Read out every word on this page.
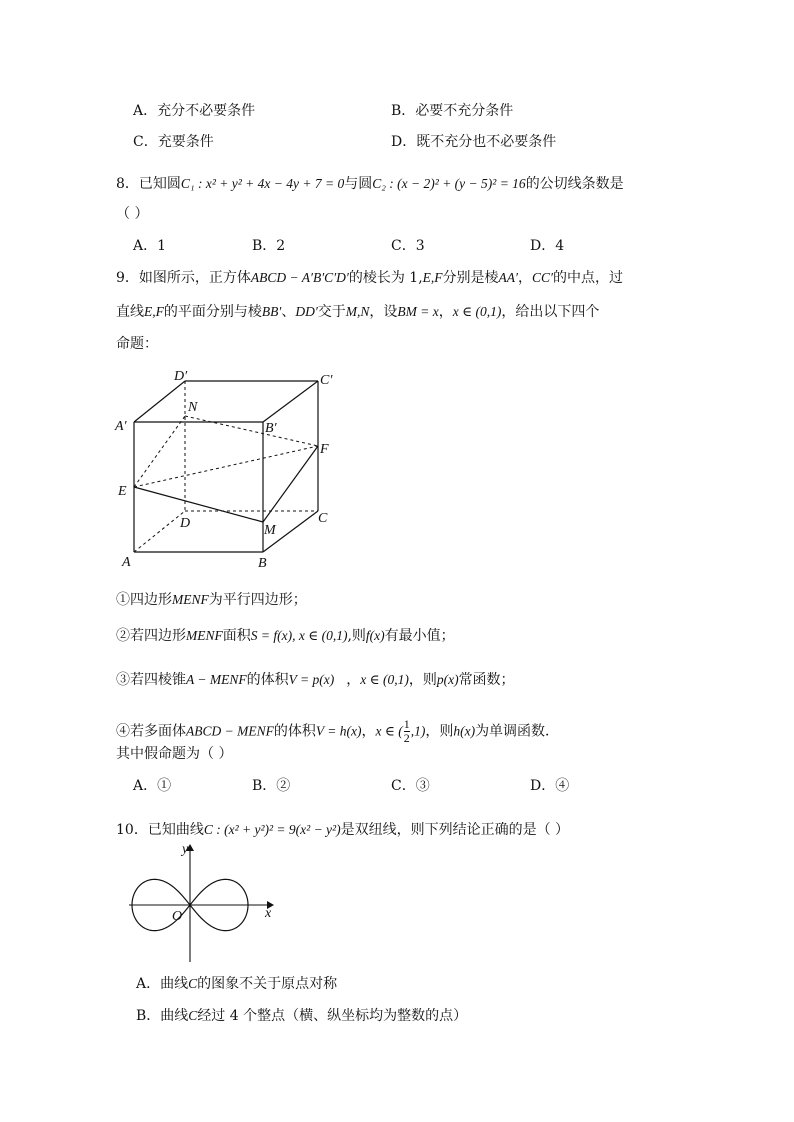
A．充分不必要条件	B．必要不充分条件
C．充要条件	D．既不充分也不必要条件
8．已知圆C₁ : x² + y² + 4x − 4y + 7 = 0与圆C₂ : (x − 2)² + (y − 5)² = 16的公切线条数是
（ ）
A．1	B．2	C．3	D．4
9．如图所示，正方体ABCD − A′B′C′D′的棱长为 1,E,F分别是棱AA′，CC′的中点，过
直线E,F的平面分别与棱BB′、DD′交于M,N，设BM = x，x ∈ (0,1)，给出以下四个
命题：
D′	C′
N
A′	B′
F
E
D	C
M
A	B
①四边形MENF为平行四边形；
②若四边形MENF面积S = f(x), x ∈ (0,1),则f(x)有最小值；
③若四棱锥A − MENF的体积V = p(x) ，x ∈ (0,1)，则p(x)常函数；
④若多面体ABCD − MENF的体积V = h(x)，x ∈ ( $\frac{1}{2} ,1$)，则h(x)为单调函数．
其中假命题为（ ）
A．①	B．②	C．③	D．④
10．已知曲线C : (x² + y²)² = 9(x² − y²)是双纽线，则下列结论正确的是（ ）
y
x
O
A．曲线C的图象不关于原点对称
B．曲线C经过 4 个整点（横、纵坐标均为整数的点）
